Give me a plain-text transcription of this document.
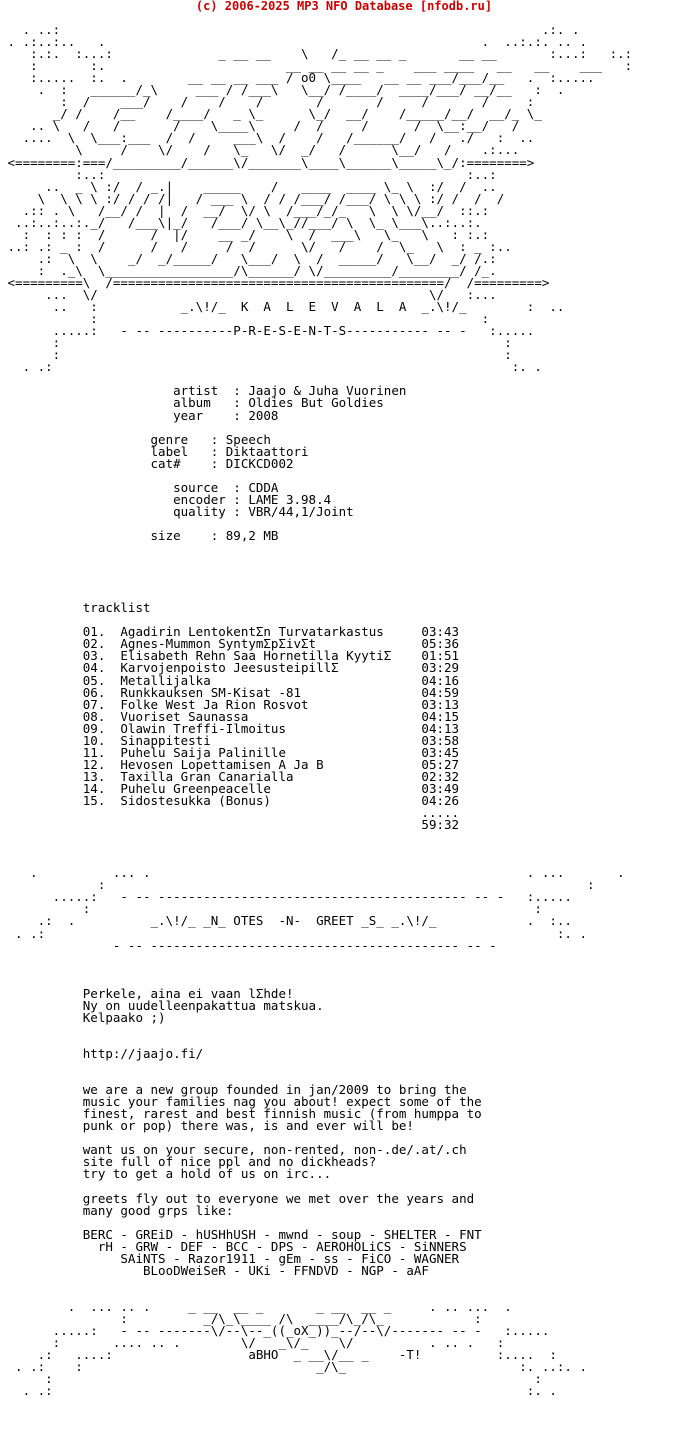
(c) 2006-2025 MP3 NFO Database [nfodb.ru]
. ..:                                                                .:. .
. .:..:..   .                                                  .  ..:.:. .. .
:.:.  :...:              _ __ __    \   /_ __ __ _       __ __       :...:   :.:
:       :.                        __ __ __ __ _    ___ ____   __   __    ___   :
:.....  :.  .        __ __ __ ___ / o0 \____   __ __ ___/___/__   .  :.....
.  :   ______/_\     ___ / /___\   \__/ /____/  ____/___/ __/__   :  .
:  /    ___/    /    /    /       /       /     /       /     :
_/ /    /__    /____/   _ \_      \_/  __/    /_____/__/  __/_ \_
.. \   /   /       /    \____\     /  /     /      /  \__:__/   /
....  \  \___:___  /  /     ___\  /    /   /______/   /   ./   :  ..
\     /    \/    /   \_   \/  _/   /      \__/   /    .:...
<========:===/_________/______\/_______\____\______\_____\_/:========>
:..:                                                :..:
..  _ \ :/  / _.|    _____    /   ____  ____ \_ \  :/  /  ..
\  \ \ \ :/ / / /|   / ___ \  / / /___/ /___/ \ \ \ :/ /  /  /
.:: . \   /__/ /  |  /  __/  \/ \  /___/_/_   \  \ \/__/  ::.:
..:..:..:._/   /___\|_/   /___/ \__\_//___/ \  \_ \___\..:..:.
:  : : :  /      /  |/    __ _/    \  /  ___\   \_   \   : :.:
..: .: _ :  /      /   /     /  /      \/   /    /  \_   \  : _ :..
.:  \  \    _/  _/_____/   \___/  \  /  _____/   \__/  _/ /.:
:  ._\  \_________________/\______/ \/_________/________/ /_.
<=========\  /============================================/  /=========>
...  \/                                            \/   :...
..   :           _.\!/_  K  A  L  E  V  A  L  A  _.\!/_        :  ..
:                                                   :
.....:   - -- ----------P-R-E-S-E-N-T-S----------- -- -   :.....
:                                                           :
:                                                           :
. .:                                                             :. .

artist  : Jaajo & Juha Vuorinen
album   : Oldies But Goldies
year    : 2008

genre   : Speech
label   : Diktaattori
cat#    : DICKCD002

source  : CDDA
encoder : LAME 3.98.4
quality : VBR/44,1/Joint

size    : 89,2 MB

tracklist

01.  Agadirin LentokentΣn Turvatarkastus     03:43
02.  Agnes-Mummon SyntymΣpΣivΣt              05:36
03.  Elisabeth Rehn Saa Hornetilla KyytiΣ    01:51
04.  Karvojenpoisto JeesusteipillΣ           03:29
05.  Metallijalka                            04:16
06.  Runkkauksen SM-Kisat -81                04:59
07.  Folke West Ja Rion Rosvot               03:13
08.  Vuoriset Saunassa                       04:15
09.  Olawin Treffi-Ilmoitus                  04:13
10.  Sinappitesti                            03:58
11.  Puhelu Saija Palinille                  03:45
12.  Hevosen Lopettamisen A Ja B             05:27
13.  Taxilla Gran Canarialla                 02:32
14.  Puhelu Greenpeacelle                    03:49
15.  Sidostesukka (Bonus)                    04:26
.....
59:32

.          ... .                                                  . ...       .
:                                                                :
.....:   - -- ----------------------------------------- -- -   :.....
:                                                           :
.:  .          _.\!/_ _N_ OTES  -N-  GREET _S_ _.\!/_            .  :..
. .:                                                                    :. .
- -- ----------------------------------------- -- -

Perkele, aina ei vaan lΣhde!
Ny on uudelleenpakattua matskua.
Kelpaako ;)

http://jaajo.fi/

we are a new group founded in jan/2009 to bring the
music your families nag you about! expect some of the
finest, rarest and best finnish music (from humppa to
punk or pop) there was, is and ever will be!

want us on your secure, non-rented, non-.de/.at/.ch
site full of nice ppl and no dickheads?
try to get a hold of us on irc...

greets fly out to everyone we met over the years and
many good grps like:

BERC - GREiD - hUSHhUSH - mwnd - soup - SHELTER - FNT
rH - GRW - DEF - BCC - DPS - AEROHOLiCS - SiNNERS
SAiNTS - Razor1911 - gEm - ss - FiCO - WAGNER
BLooDWeiSeR - UKi - FFNDVD - NGP - aAF

.  ... .. .     _ __  __ _       _ __  __ _     . .. ...  .
:          _/\_\____ /\  ____/\_/\_            :
.....:   - -- -------\/--\--_((_oX_))_--/--\/------- -- -   :.....
:       .... .. .        \/   _\/_    \/          . .. .   :
.:   ....:                  aBHO  _ __\/__ _    -T!          :....  :
. .:    :                               _/\_                       :. ..:. .
:                                                                :
. .:                                                               :. .
